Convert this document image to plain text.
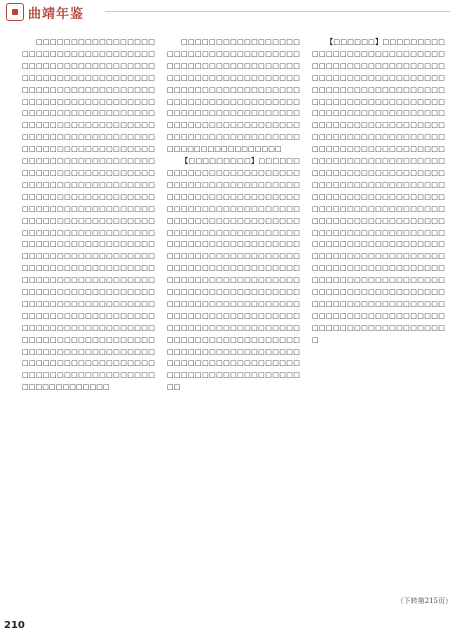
曲靖年鉴

□□□□□□□□□□□□□□□□□□□□□□□□□□□□□□□□□□□□□□□□□□□□□□□□□□□□□□□□□□□□□□□□□□□□□□□□□□□□□□□□□□□□□□□□□□□□□□□□□□□□□□□□□□□□□□□□□□□□□□□□□□□□□□□□□□□□□□□□□□□□□□□□□□□□□□□□□□□□□□□□□□□□□□□□□□□□□□□□□□□□□□□□□□□□□□□□□□□□□□□□□□□□□□□□□□□□□□□□□□□□□□□□□□□□□□□□□□□□□□□□□□□□□□□□□□□□□□□□□□□□□□□□□□□□□□□□□□□□□□□□□□□□□□□□□□□□□□□□□□□□□□□□□□□□□□□□□□□□□□□□□□□□□□□□□□□□□□□□□□□□□□□□□□□□□□□□□□□□□□□□□□□□□□□□□□□□□□□□□□□□□□□□□□□□□□□□□□□□□□□□□□□□□□□□□□□□□□□□□□□□□□□□□□□□□□□□□□□□□□□□□□□□□□□□□□□□□□□□□□□□□□□□□□□□□□□□□□□□□□□□□□□□□□□□□□□□□□□□□□□□□□□□□□□□□□□□□□□□□□□□□□□□□□□□□□□□□□□□□□□□□□□□□□□□□□□□□□□□□□□□□□

□□□□□□□□□□□□□□□□□□□□□□□□□□□□□□□□□□□□□□□□□□□□□□□□□□□□□□□□□□□□□□□□□□□□□□□□□□□□□□□□□□□□□□□□□□□□□□□□□□□□□□□□□□□□□□□□□□□□□□□□□□□□□□□□□□□□□□□□□□□□□□□□□□□□□□□□□□□□□□□□□□□□□□□□□□□□□□□□□□□□□□□□□□

【□□□□□□□□□】□□□□□□□□□□□□□□□□□□□□□□□□□□□□□□□□□□□□□□□□□□□□□□□□□□□□□□□□□□□□□□□□□□□□□□□□□□□□□□□□□□□□□□□□□□□□□□□□□□□□□□□□□□□□□□□□□□□□□□□□□□□□□□□□□□□□□□□□□□□□□□□□□□□□□□□□□□□□□□□□□□□□□□□□□□□□□□□□□□□□□□□□□□□□□□□□□□□□□□□□□□□□□□□□□□□□□□□□□□□□□□□□□□□□□□□□□□□□□□□□□□□□□□□□□□□□□□□□□□□□□□□□□□□□□□□□□□□□□□□□□□□□□□□□□□□□□□□□□□□□□□□□□□□□□□□□□□□□□□□□□□□□□□□□□□□□□□□□□□□□□□□□□□□□□□

【□□□□□□】□□□□□□□□□□□□□□□□□□□□□□□□□□□□□□□□□□□□□□□□□□□□□□□□□□□□□□□□□□□□□□□□□□□□□□□□□□□□□□□□□□□□□□□□□□□□□□□□□□□□□□□□□□□□□□□□□□□□□□□□□□□□□□□□□□□□□□□□□□□□□□□□□□□□□□□□□□□□□□□□□□□□□□□□□□□□□□□□□□□□□□□□□□□□□□□□□□□□□□□□□□□□□□□□□□□□□□□□□□□□□□□□□□□□□□□□□□□□□□□□□□□□□□□□□□□□□□□□□□□□□□□□□□□□□□□□□□□□□□□□□□□□□□□□□□□□□□□□□□□□□□□□□□□□□□□□□□□□□□□□□□□□□□□□□□□□□□□□□□□□□□□□□□□□□□□□□□□□□□□□□□□□□□□□□□□□□□□□□□□□□□□□□□□□□□□□□□□□□□□□□□□□□□□□□□□□□□□□□□□□□□□□□□□□□□□□□□□□□□□□□□□□□□□□□□□□□□□□□□□□□□□□□□

（下转第215页）
210
